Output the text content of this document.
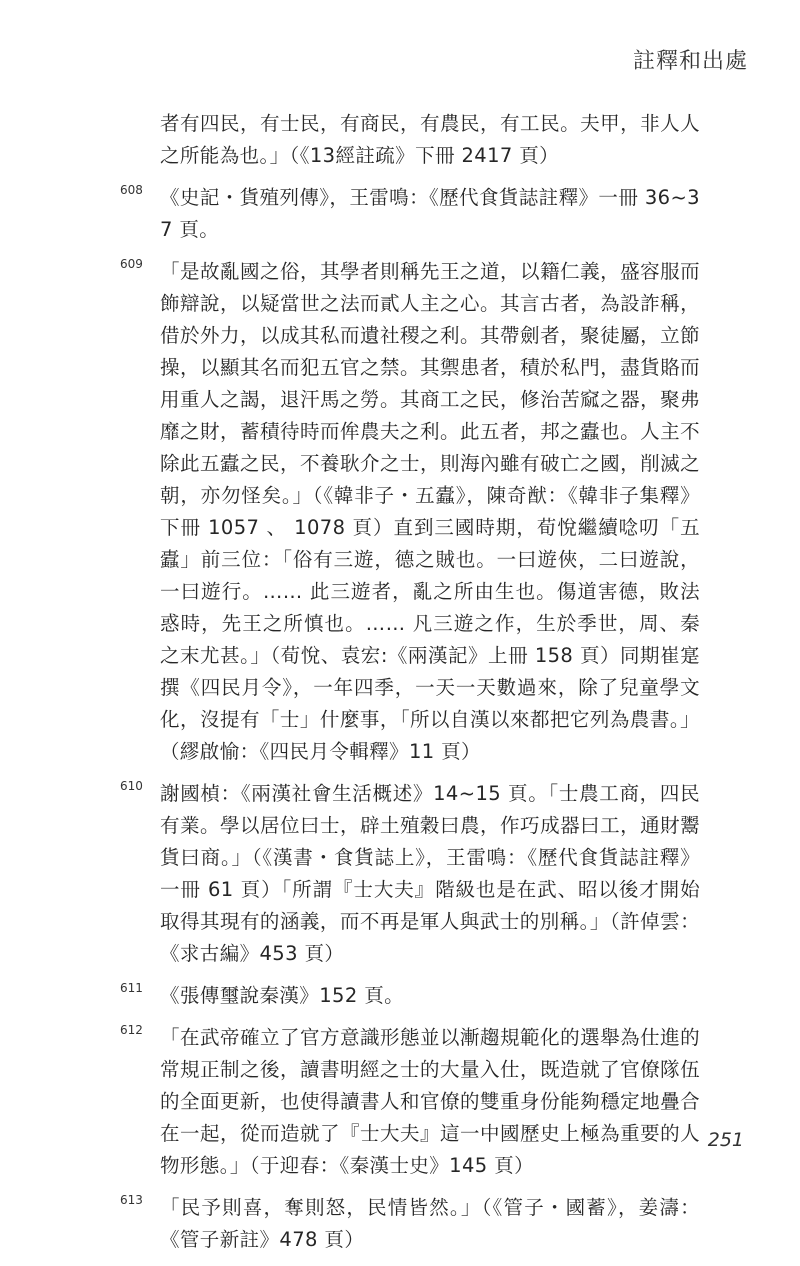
註釋和出處
者有四民，有士民，有商民，有農民，有工民。夫甲，非人人之所能為也。」（《13經註疏》下冊 2417 頁）
608 《史記・貨殖列傳》，王雷鳴：《歷代食貨誌註釋》一冊 36~37 頁。
609 「是故亂國之俗，其學者則稱先王之道，以籍仁義，盛容服而飾辯說，以疑當世之法而貳人主之心。其言古者，為設詐稱，借於外力，以成其私而遺社稷之利。其帶劍者，聚徒屬，立節操，以顯其名而犯五官之禁。其禦患者，積於私門，盡貨賂而用重人之謁，退汗馬之勞。其商工之民，修治苦窳之器，聚弗靡之財，蓄積待時而侔農夫之利。此五者，邦之蠹也。人主不除此五蠹之民，不養耿介之士，則海內雖有破亡之國，削滅之朝，亦勿怪矣。」（《韓非子・五蠹》，陳奇猷：《韓非子集釋》下冊 1057 、 1078 頁）直到三國時期，荀悅繼續唸叨「五蠹」前三位：「俗有三遊，德之賊也。一曰遊俠，二曰遊說，一曰遊行。…… 此三遊者，亂之所由生也。傷道害德，敗法惑時，先王之所慎也。…… 凡三遊之作，生於季世，周、秦之末尤甚。」（荀悅、袁宏:《兩漢記》上冊 158 頁）同期崔寔撰《四民月令》，一年四季，一天一天數過來，除了兒童學文化，沒提有「士」什麼事，「所以自漢以來都把它列為農書。」（繆啟愉：《四民月令輯釋》11 頁）
610 謝國楨：《兩漢社會生活概述》14~15 頁。「士農工商，四民有業。學以居位曰士，辟土殖穀曰農，作巧成器曰工，通財鬻貨曰商。」（《漢書・食貨誌上》，王雷鳴：《歷代食貨誌註釋》一冊 61 頁）「所謂『士大夫』階級也是在武、昭以後才開始取得其現有的涵義，而不再是軍人與武士的別稱。」（許倬雲：《求古編》453 頁）
611 《張傳璽說秦漢》152 頁。
612 「在武帝確立了官方意識形態並以漸趨規範化的選舉為仕進的常規正制之後，讀書明經之士的大量入仕，既造就了官僚隊伍的全面更新，也使得讀書人和官僚的雙重身份能夠穩定地疊合在一起，從而造就了『士大夫』這一中國歷史上極為重要的人物形態。」（于迎春：《秦漢士史》145 頁）
613 「民予則喜，奪則怒，民情皆然。」（《管子・國蓄》，姜濤：《管子新註》478 頁）
251
